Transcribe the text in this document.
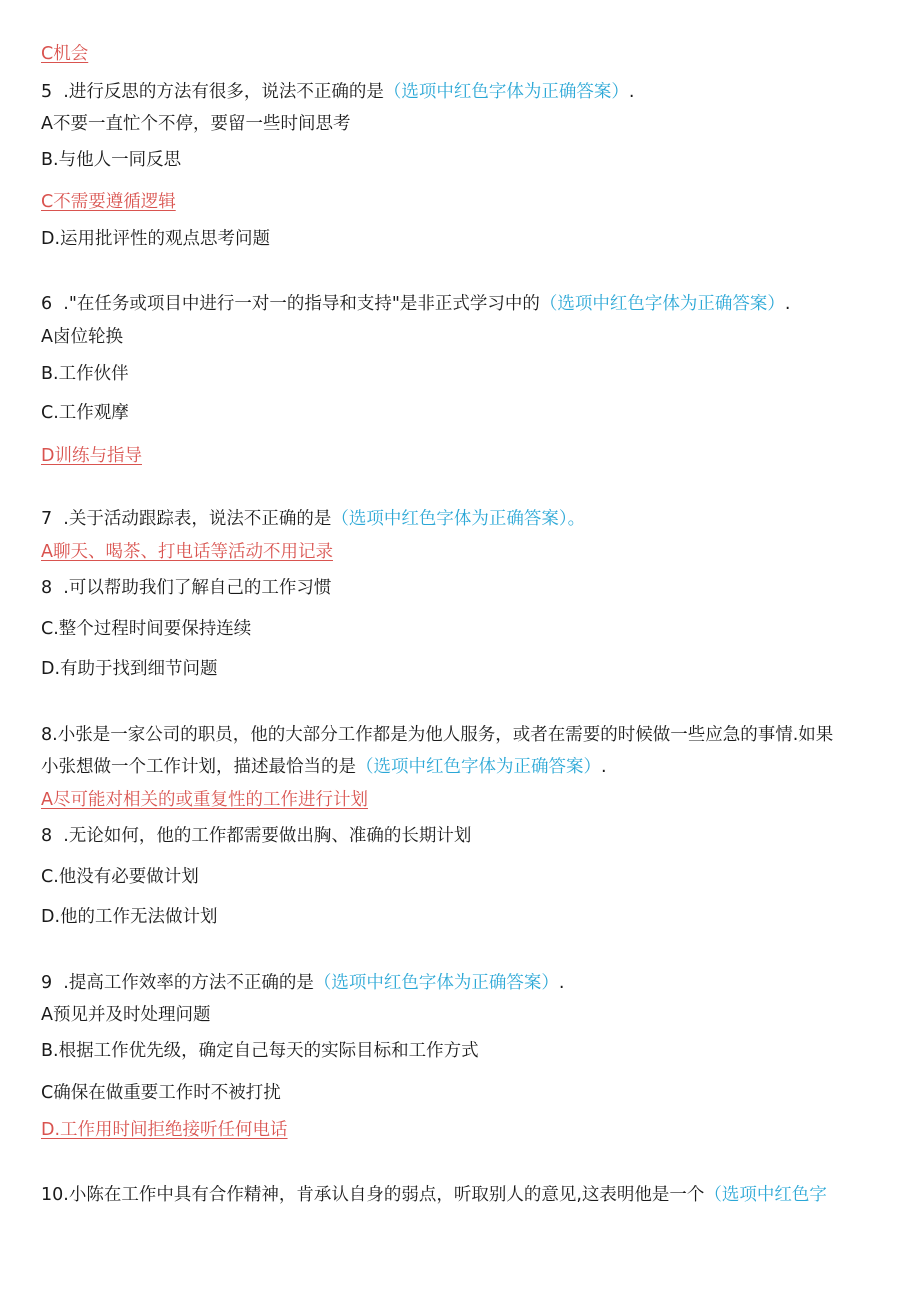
C机会
5  .进行反思的方法有很多，说法不正确的是（选项中红色字体为正确答案）.
A不要一直忙个不停，要留一些时间思考
B.与他人一同反思
C不需要遵循逻辑
D.运用批评性的观点思考问题
6  ."在任务或项目中进行一对一的指导和支持"是非正式学习中的（选项中红色字体为正确答案）.
A卤位轮换
B.工作伙伴
C.工作观摩
D训练与指导
7  .关于活动跟踪表，说法不正确的是（选项中红色字体为正确答案）。
A聊天、喝茶、打电话等活动不用记录
8  .可以帮助我们了解自己的工作习惯
C.整个过程时间要保持连续
D.有助于找到细节问题
8.小张是一家公司的职员，他的大部分工作都是为他人服务，或者在需要的时候做一些应急的事情.如果
小张想做一个工作计划，描述最恰当的是（选项中红色字体为正确答案）.
A尽可能对相关的或重复性的工作进行计划
8  .无论如何，他的工作都需要做出胸、准确的长期计划
C.他没有必要做计划
D.他的工作无法做计划
9  .提高工作效率的方法不正确的是（选项中红色字体为正确答案）.
A预见并及时处理问题
B.根据工作优先级，确定自己每天的实际目标和工作方式
C确保在做重要工作时不被打扰
D.工作用时间拒绝接听任何电话
10.小陈在工作中具有合作精神，肯承认自身的弱点，听取别人的意见,这表明他是一个（选项中红色字
